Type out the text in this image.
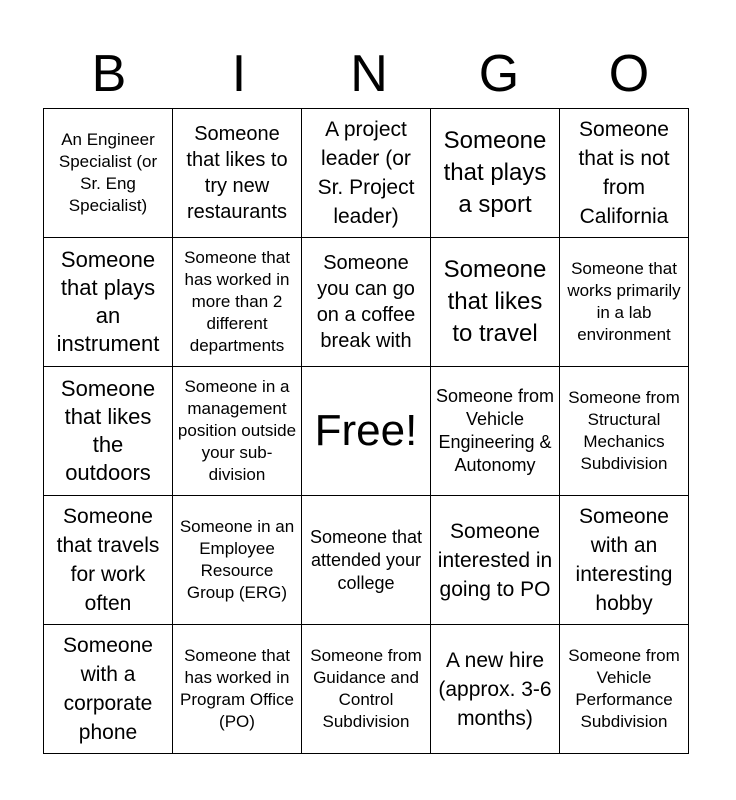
B	I	N	G	O
An Engineer Specialist (or Sr. Eng Specialist)	Someone that likes to try new restaurants	A project leader (or Sr. Project leader)	Someone that plays a sport	Someone that is not from California
Someone that plays an instrument	Someone that has worked in more than 2 different departments	Someone you can go on a coffee break with	Someone that likes to travel	Someone that works primarily in a lab environment
Someone that likes the outdoors	Someone in a management position outside your sub-division	Free!	Someone from Vehicle Engineering & Autonomy	Someone from Structural Mechanics Subdivision
Someone that travels for work often	Someone in an Employee Resource Group (ERG)	Someone that attended your college	Someone interested in going to PO	Someone with an interesting hobby
Someone with a corporate phone	Someone that has worked in Program Office (PO)	Someone from Guidance and Control Subdivision	A new hire (approx. 3-6 months)	Someone from Vehicle Performance Subdivision
